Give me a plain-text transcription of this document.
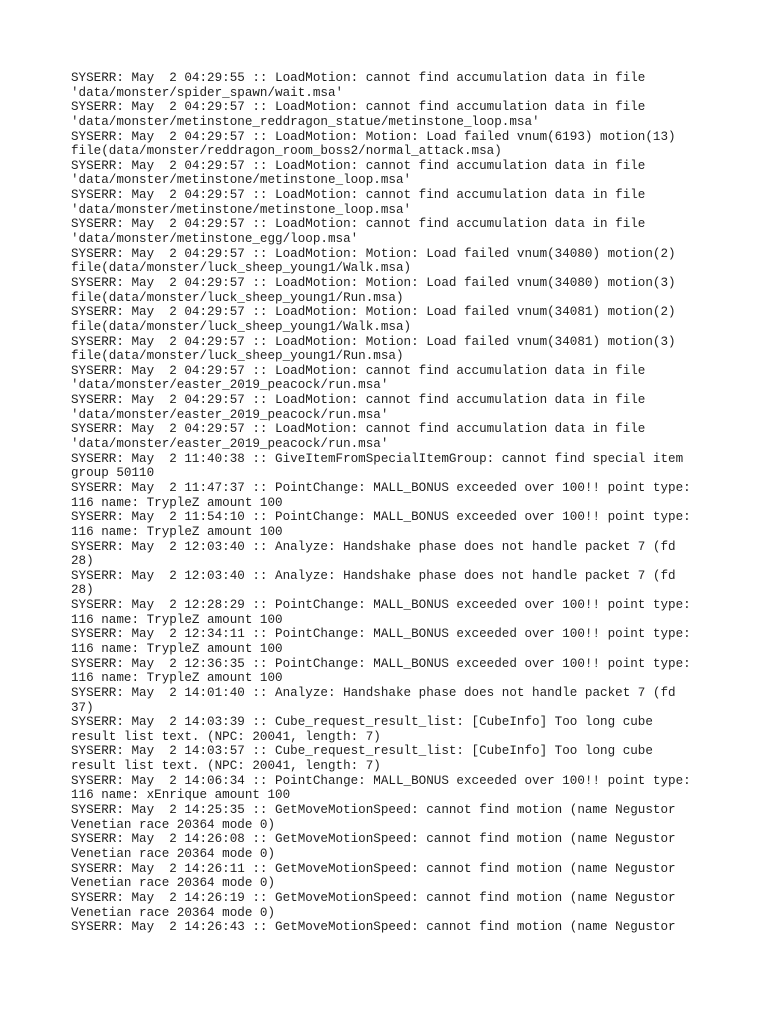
SYSERR: May  2 04:29:55 :: LoadMotion: cannot find accumulation data in file
'data/monster/spider_spawn/wait.msa'
SYSERR: May  2 04:29:57 :: LoadMotion: cannot find accumulation data in file
'data/monster/metinstone_reddragon_statue/metinstone_loop.msa'
SYSERR: May  2 04:29:57 :: LoadMotion: Motion: Load failed vnum(6193) motion(13)
file(data/monster/reddragon_room_boss2/normal_attack.msa)
SYSERR: May  2 04:29:57 :: LoadMotion: cannot find accumulation data in file
'data/monster/metinstone/metinstone_loop.msa'
SYSERR: May  2 04:29:57 :: LoadMotion: cannot find accumulation data in file
'data/monster/metinstone/metinstone_loop.msa'
SYSERR: May  2 04:29:57 :: LoadMotion: cannot find accumulation data in file
'data/monster/metinstone_egg/loop.msa'
SYSERR: May  2 04:29:57 :: LoadMotion: Motion: Load failed vnum(34080) motion(2)
file(data/monster/luck_sheep_young1/Walk.msa)
SYSERR: May  2 04:29:57 :: LoadMotion: Motion: Load failed vnum(34080) motion(3)
file(data/monster/luck_sheep_young1/Run.msa)
SYSERR: May  2 04:29:57 :: LoadMotion: Motion: Load failed vnum(34081) motion(2)
file(data/monster/luck_sheep_young1/Walk.msa)
SYSERR: May  2 04:29:57 :: LoadMotion: Motion: Load failed vnum(34081) motion(3)
file(data/monster/luck_sheep_young1/Run.msa)
SYSERR: May  2 04:29:57 :: LoadMotion: cannot find accumulation data in file
'data/monster/easter_2019_peacock/run.msa'
SYSERR: May  2 04:29:57 :: LoadMotion: cannot find accumulation data in file
'data/monster/easter_2019_peacock/run.msa'
SYSERR: May  2 04:29:57 :: LoadMotion: cannot find accumulation data in file
'data/monster/easter_2019_peacock/run.msa'
SYSERR: May  2 11:40:38 :: GiveItemFromSpecialItemGroup: cannot find special item
group 50110
SYSERR: May  2 11:47:37 :: PointChange: MALL_BONUS exceeded over 100!! point type:
116 name: TrypleZ amount 100
SYSERR: May  2 11:54:10 :: PointChange: MALL_BONUS exceeded over 100!! point type:
116 name: TrypleZ amount 100
SYSERR: May  2 12:03:40 :: Analyze: Handshake phase does not handle packet 7 (fd
28)
SYSERR: May  2 12:03:40 :: Analyze: Handshake phase does not handle packet 7 (fd
28)
SYSERR: May  2 12:28:29 :: PointChange: MALL_BONUS exceeded over 100!! point type:
116 name: TrypleZ amount 100
SYSERR: May  2 12:34:11 :: PointChange: MALL_BONUS exceeded over 100!! point type:
116 name: TrypleZ amount 100
SYSERR: May  2 12:36:35 :: PointChange: MALL_BONUS exceeded over 100!! point type:
116 name: TrypleZ amount 100
SYSERR: May  2 14:01:40 :: Analyze: Handshake phase does not handle packet 7 (fd
37)
SYSERR: May  2 14:03:39 :: Cube_request_result_list: [CubeInfo] Too long cube
result list text. (NPC: 20041, length: 7)
SYSERR: May  2 14:03:57 :: Cube_request_result_list: [CubeInfo] Too long cube
result list text. (NPC: 20041, length: 7)
SYSERR: May  2 14:06:34 :: PointChange: MALL_BONUS exceeded over 100!! point type:
116 name: xEnrique amount 100
SYSERR: May  2 14:25:35 :: GetMoveMotionSpeed: cannot find motion (name Negustor
Venetian race 20364 mode 0)
SYSERR: May  2 14:26:08 :: GetMoveMotionSpeed: cannot find motion (name Negustor
Venetian race 20364 mode 0)
SYSERR: May  2 14:26:11 :: GetMoveMotionSpeed: cannot find motion (name Negustor
Venetian race 20364 mode 0)
SYSERR: May  2 14:26:19 :: GetMoveMotionSpeed: cannot find motion (name Negustor
Venetian race 20364 mode 0)
SYSERR: May  2 14:26:43 :: GetMoveMotionSpeed: cannot find motion (name Negustor
